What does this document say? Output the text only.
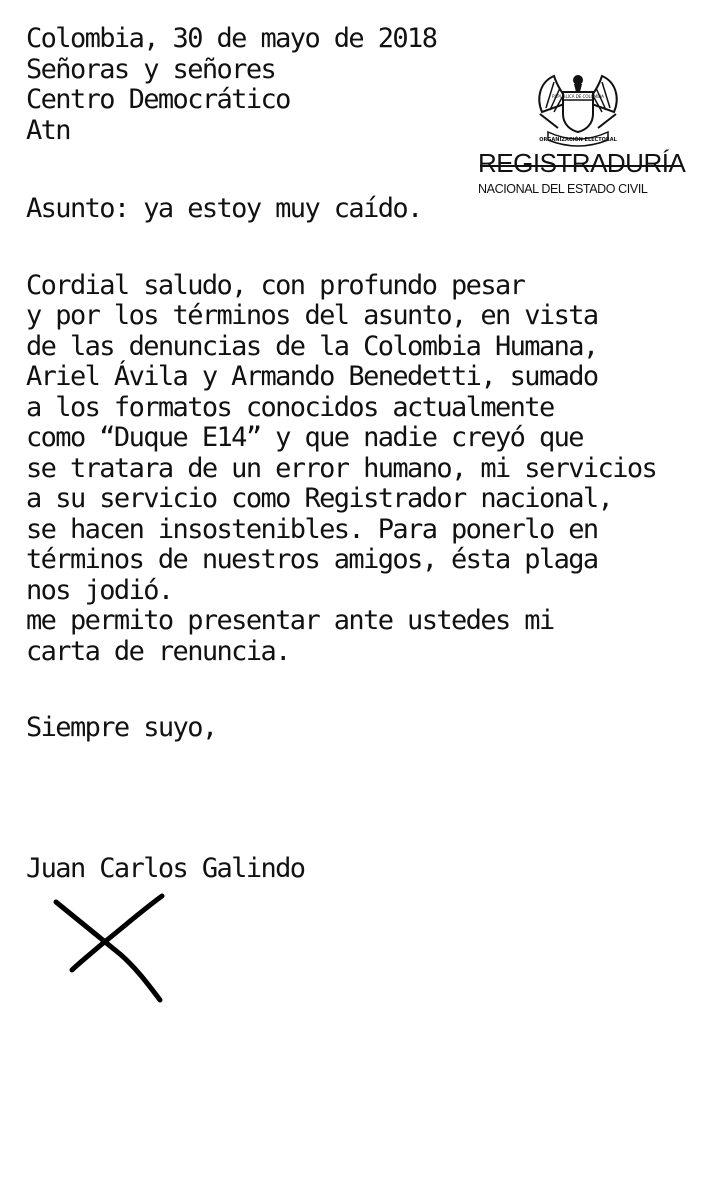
Colombia, 30 de mayo de 2018
Señoras y señores
Centro Democrático
Atn
Asunto: ya estoy muy caído.
Cordial saludo, con profundo pesar
y por los términos del asunto, en vista
de las denuncias de la Colombia Humana,
Ariel Ávila y Armando Benedetti, sumado
a los formatos conocidos actualmente
como “Duque E14” y que nadie creyó que
se tratara de un error humano, mi servicios
a su servicio como Registrador nacional,
se hacen insostenibles. Para ponerlo en
términos de nuestros amigos, ésta plaga
nos jodió.
me permito presentar ante ustedes mi
carta de renuncia.
Siempre suyo,
Juan Carlos Galindo
REPÚBLICA DE COLOMBIA
ORGANIZACIÓN ELECTORAL
REGISTRADURÍA
NACIONAL DEL ESTADO CIVIL
